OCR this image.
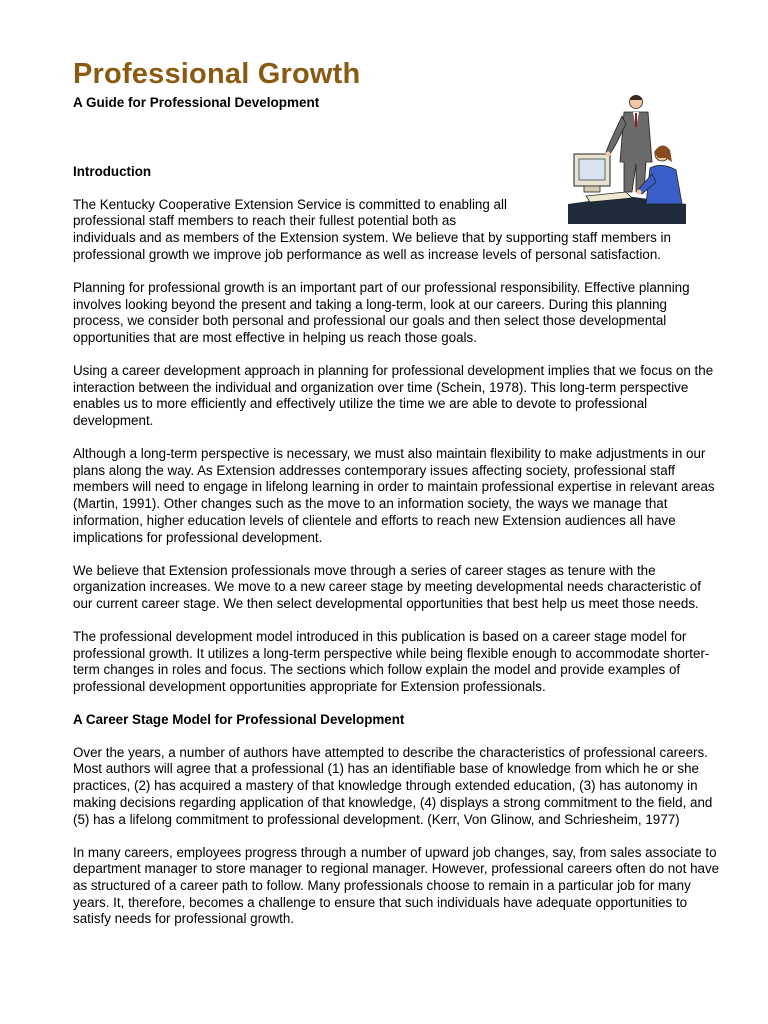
Professional Growth
A Guide for Professional Development
Introduction

The Kentucky Cooperative Extension Service is committed to enabling all
professional staff members to reach their fullest potential both as
individuals and as members of the Extension system. We believe that by supporting staff members in professional growth we improve job performance as well as increase levels of personal satisfaction.

Planning for professional growth is an important part of our professional responsibility. Effective planning involves looking beyond the present and taking a long-term, look at our careers. During this planning process, we consider both personal and professional our goals and then select those developmental opportunities that are most effective in helping us reach those goals.

Using a career development approach in planning for professional development implies that we focus on the interaction between the individual and organization over time (Schein, 1978). This long-term perspective enables us to more efficiently and effectively utilize the time we are able to devote to professional development.

Although a long-term perspective is necessary, we must also maintain flexibility to make adjustments in our plans along the way. As Extension addresses contemporary issues affecting society, professional staff members will need to engage in lifelong learning in order to maintain professional expertise in relevant areas (Martin, 1991). Other changes such as the move to an information society, the ways we manage that information, higher education levels of clientele and efforts to reach new Extension audiences all have implications for professional development.

We believe that Extension professionals move through a series of career stages as tenure with the organization increases. We move to a new career stage by meeting developmental needs characteristic of our current career stage. We then select developmental opportunities that best help us meet those needs.

The professional development model introduced in this publication is based on a career stage model for professional growth. It utilizes a long-term perspective while being flexible enough to accommodate shorter-term changes in roles and focus. The sections which follow explain the model and provide examples of professional development opportunities appropriate for Extension professionals.

A Career Stage Model for Professional Development

Over the years, a number of authors have attempted to describe the characteristics of professional careers. Most authors will agree that a professional (1) has an identifiable base of knowledge from which he or she practices, (2) has acquired a mastery of that knowledge through extended education, (3) has autonomy in making decisions regarding application of that knowledge, (4) displays a strong commitment to the field, and (5) has a lifelong commitment to professional development. (Kerr, Von Glinow, and Schriesheim, 1977)

In many careers, employees progress through a number of upward job changes, say, from sales associate to department manager to store manager to regional manager. However, professional careers often do not have as structured of a career path to follow. Many professionals choose to remain in a particular job for many years. It, therefore, becomes a challenge to ensure that such individuals have adequate opportunities to satisfy needs for professional growth.
